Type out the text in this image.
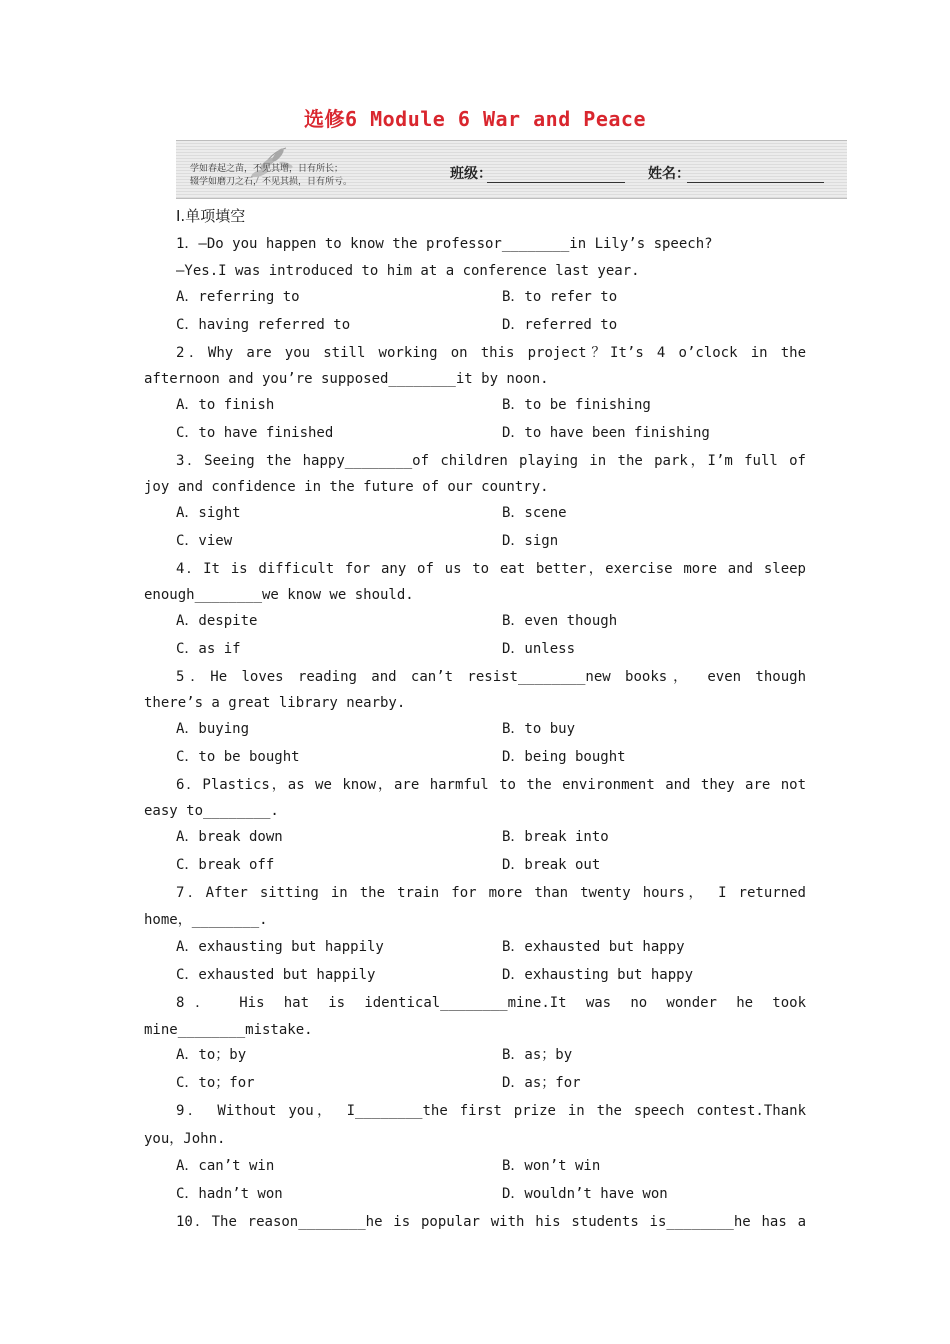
选修6 Module 6 War and Peace
学如春起之苗，不见其增，日有所长；
辍学如磨刀之石，不见其损，日有所亏。	班级：	姓名：
Ⅰ.单项填空
1．—Do you happen to know the professor________in Lily’s speech?
—Yes.I was introduced to him at a conference last year.
A．referring to	B．to refer to
C．having referred to	D．referred to
2．Why are you still working on this project？It’s 4 o’clock in the
afternoon and you’re supposed________it by noon.
A．to finish	B．to be finishing
C．to have finished	D．to have been finishing
3．Seeing the happy________of children playing in the park，I’m full of
joy and confidence in the future of our country.
A．sight	B．scene
C．view	D．sign
4．It is difficult for any of us to eat better，exercise more and sleep
enough________we know we should.
A．despite	B．even though
C．as if	D．unless
5．He loves reading and can’t resist________new books， even though
there’s a great library nearby.
A．buying	B．to buy
C．to be bought	D．being bought
6．Plastics，as we know，are harmful to the environment and they are not
easy to________.
A．break down	B．break into
C．break off	D．break out
7．After sitting in the train for more than twenty hours， I returned
home，________.
A．exhausting but happily	B．exhausted but happy
C．exhausted but happily	D．exhausting but happy
8． His hat is identical________mine.It was no wonder he took
mine________mistake.
A．to；by	B．as；by
C．to；for	D．as；for
9． Without you， I________the first prize in the speech contest.Thank
you，John.
A．can’t win	B．won’t win
C．hadn’t won	D．wouldn’t have won
10．The reason________he is popular with his students is________he has a
